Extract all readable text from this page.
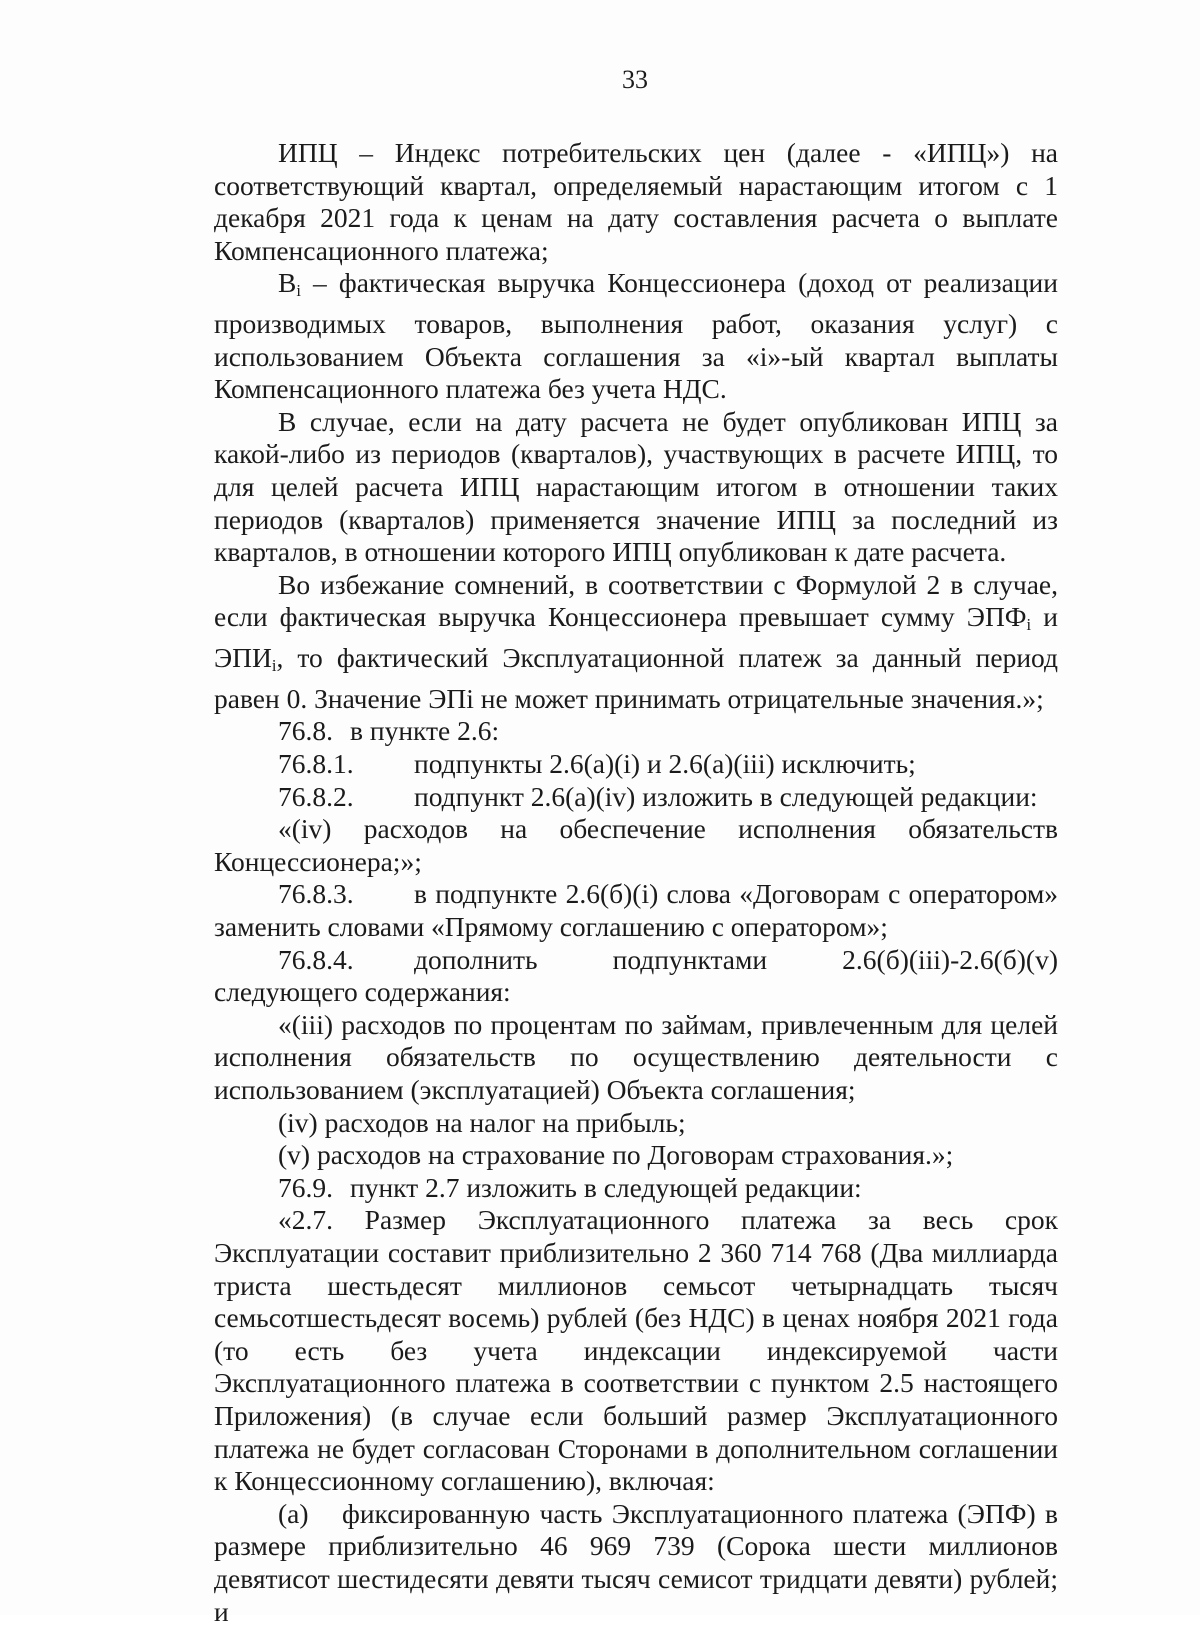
33

ИПЦ – Индекс потребительских цен (далее - «ИПЦ») на соответствующий квартал, определяемый нарастающим итогом с 1 декабря 2021 года к ценам на дату составления расчета о выплате Компенсационного платежа;

$В_i$ – фактическая выручка Концессионера (доход от реализации производимых товаров, выполнения работ, оказания услуг) с использованием Объекта соглашения за «i»-ый квартал выплаты Компенсационного платежа без учета НДС.

В случае, если на дату расчета не будет опубликован ИПЦ за какой-либо из периодов (кварталов), участвующих в расчете ИПЦ, то для целей расчета ИПЦ нарастающим итогом в отношении таких периодов (кварталов) применяется значение ИПЦ за последний из кварталов, в отношении которого ИПЦ опубликован к дате расчета.

Во избежание сомнений, в соответствии с Формулой 2 в случае, если фактическая выручка Концессионера превышает сумму $ЭПФ_i$ и $ЭПИ_i$, то фактический Эксплуатационной платеж за данный период равен 0. Значение ЭПi не может принимать отрицательные значения.»;

76.8. в пункте 2.6:

76.8.1. подпункты 2.6(а)(i) и 2.6(а)(iii) исключить;

76.8.2. подпункт 2.6(а)(iv) изложить в следующей редакции:

«(iv) расходов на обеспечение исполнения обязательств Концессионера;»;

76.8.3. в подпункте 2.6(б)(i) слова «Договорам с оператором» заменить словами «Прямому соглашению с оператором»;

76.8.4. дополнить подпунктами 2.6(б)(iii)-2.6(б)(v) следующего содержания:

«(iii) расходов по процентам по займам, привлеченным для целей исполнения обязательств по осуществлению деятельности с использованием (эксплуатацией) Объекта соглашения;

(iv) расходов на налог на прибыль;

(v) расходов на страхование по Договорам страхования.»;

76.9. пункт 2.7 изложить в следующей редакции:

«2.7. Размер Эксплуатационного платежа за весь срок Эксплуатации составит приблизительно 2 360 714 768 (Два миллиарда триста шестьдесят миллионов семьсот четырнадцать тысяч семьсотшестьдесят восемь) рублей (без НДС) в ценах ноября 2021 года (то есть без учета индексации индексируемой части Эксплуатационного платежа в соответствии с пунктом 2.5 настоящего Приложения) (в случае если больший размер Эксплуатационного платежа не будет согласован Сторонами в дополнительном соглашении к Концессионному соглашению), включая:

(а) фиксированную часть Эксплуатационного платежа (ЭПФ) в размере приблизительно 46 969 739 (Сорока шести миллионов девятисот шестидесяти девяти тысяч семисот тридцати девяти) рублей; и
